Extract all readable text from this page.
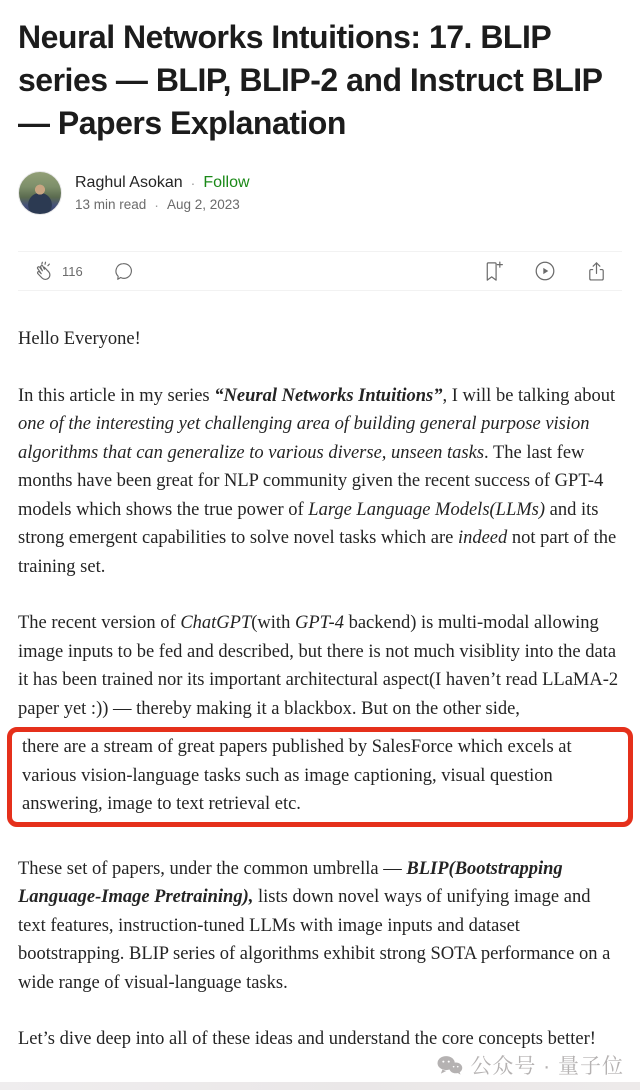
Neural Networks Intuitions: 17. BLIP series — BLIP, BLIP-2 and Instruct BLIP— Papers Explanation
Raghul Asokan · Follow
13 min read · Aug 2, 2023
116

Hello Everyone!

In this article in my series “Neural Networks Intuitions”, I will be talking about one of the interesting yet challenging area of building general purpose vision algorithms that can generalize to various diverse, unseen tasks. The last few months have been great for NLP community given the recent success of GPT-4 models which shows the true power of Large Language Models(LLMs) and its strong emergent capabilities to solve novel tasks which are indeed not part of the training set.

The recent version of ChatGPT(with GPT-4 backend) is multi-modal allowing image inputs to be fed and described, but there is not much visiblity into the data it has been trained nor its important architectural aspect(I haven’t read LLaMA-2 paper yet :)) — thereby making it a blackbox. But on the other side,

there are a stream of great papers published by SalesForce which excels at various vision-language tasks such as image captioning, visual question answering, image to text retrieval etc.

These set of papers, under the common umbrella — BLIP(Bootstrapping Language-Image Pretraining), lists down novel ways of unifying image and text features, instruction-tuned LLMs with image inputs and dataset bootstrapping. BLIP series of algorithms exhibit strong SOTA performance on a wide range of visual-language tasks.

Let’s dive deep into all of these ideas and understand the core concepts better!

公众号 · 量子位
